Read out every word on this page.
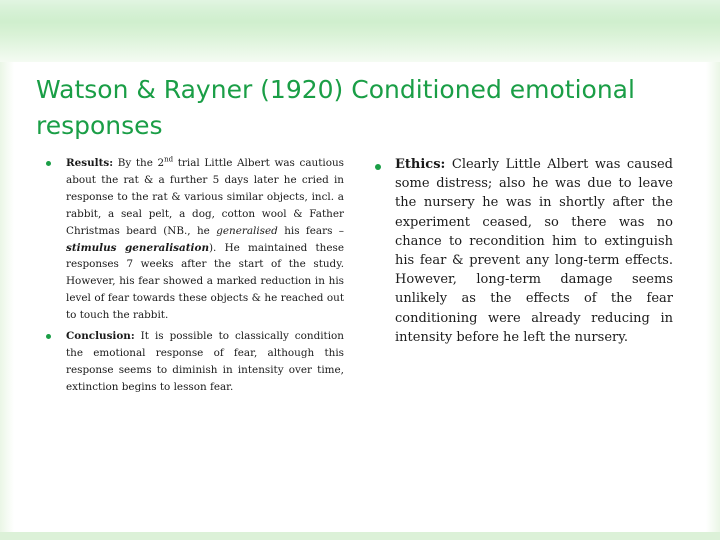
Watson & Rayner (1920) Conditioned emotional responses

Results: By the 2nd trial Little Albert was cautious about the rat & a further 5 days later he cried in response to the rat & various similar objects, incl. a rabbit, a seal pelt, a dog, cotton wool & Father Christmas beard (NB., he generalised his fears – stimulus generalisation). He maintained these responses 7 weeks after the start of the study. However, his fear showed a marked reduction in his level of fear towards these objects & he reached out to touch the rabbit.

Conclusion: It is possible to classically condition the emotional response of fear, although this response seems to diminish in intensity over time, extinction begins to lesson fear.

Ethics: Clearly Little Albert was caused some distress; also he was due to leave the nursery he was in shortly after the experiment ceased, so there was no chance to recondition him to extinguish his fear & prevent any long-term effects. However, long-term damage seems unlikely as the effects of the fear conditioning were already reducing in intensity before he left the nursery.
